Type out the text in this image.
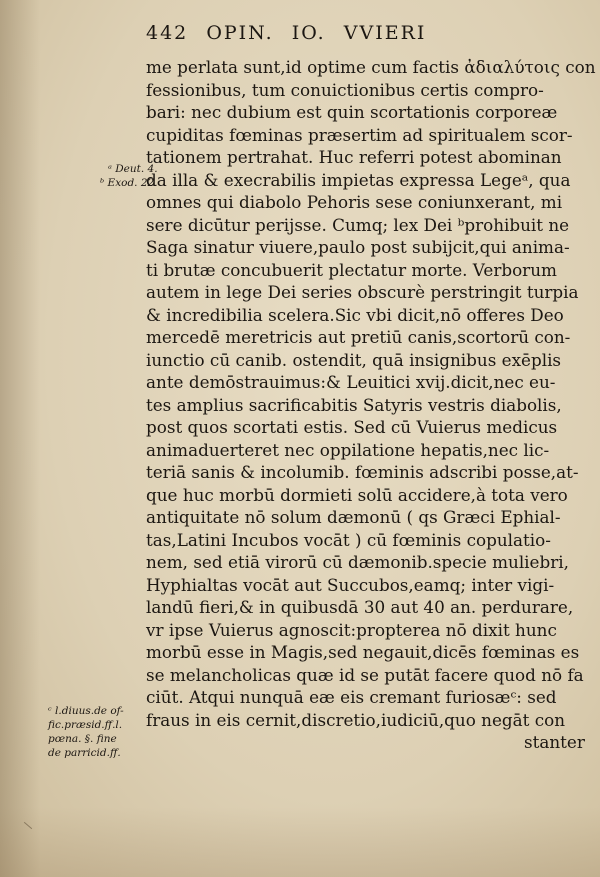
442 OPIN. IO. VVIERI
ᵃ Deut. 4.
ᵇ Exod. 22.
ᶜ l.diuus.de of-
fic.præsid.ff.l.
pœna. §. fine
de parricid.ff.
me perlata sunt,id optime cum factis ἀδιαλύτοις con
fessionibus, tum conuictionibus certis compro-
bari: nec dubium est quin scortationis corporeæ
cupiditas fœminas præsertim ad spiritualem scor-
tationem pertrahat. Huc referri potest abominan
da illa & execrabilis impietas expressa Legeᵃ, qua
omnes qui diabolo Pehoris sese coniunxerant, mi
sere dicūtur perijsse. Cumq; lex Dei ᵇprohibuit ne
Saga sinatur viuere,paulo post subijcit,qui anima-
ti brutæ concubuerit plectatur morte. Verborum
autem in lege Dei series obscurè perstringit turpia
& incredibilia scelera.Sic vbi dicit,nō offeres Deo
mercedē meretricis aut pretiū canis,scortorū con-
iunctio cū canib. ostendit, quā insignibus exēplis
ante demōstrauimus:& Leuitici xvij.dicit,nec eu-
tes amplius sacrificabitis Satyris vestris diabolis,
post quos scortati estis. Sed cū Vuierus medicus
animaduerteret nec oppilatione hepatis,nec lic-
teriā sanis & incolumib. fœminis adscribi posse,at-
que huc morbū dormieti solū accidere,à tota vero
antiquitate nō solum dæmonū ( qs Græci Ephial-
tas,Latini Incubos vocāt ) cū fœminis copulatio-
nem, sed etiā virorū cū dæmonib.specie muliebri,
Hyphialtas vocāt aut Succubos,eamq; inter vigi-
landū fieri,& in quibusdā 30 aut 40 an. perdurare,
vr ipse Vuierus agnoscit:propterea nō dixit hunc
morbū esse in Magis,sed negauit,dicēs fœminas es
se melancholicas quæ id se putāt facere quod nō fa
ciūt. Atqui nunquā eæ eis cremant furiosæᶜ: sed
fraus in eis cernit,discretio,iudiciū,quo negāt con
stanter
